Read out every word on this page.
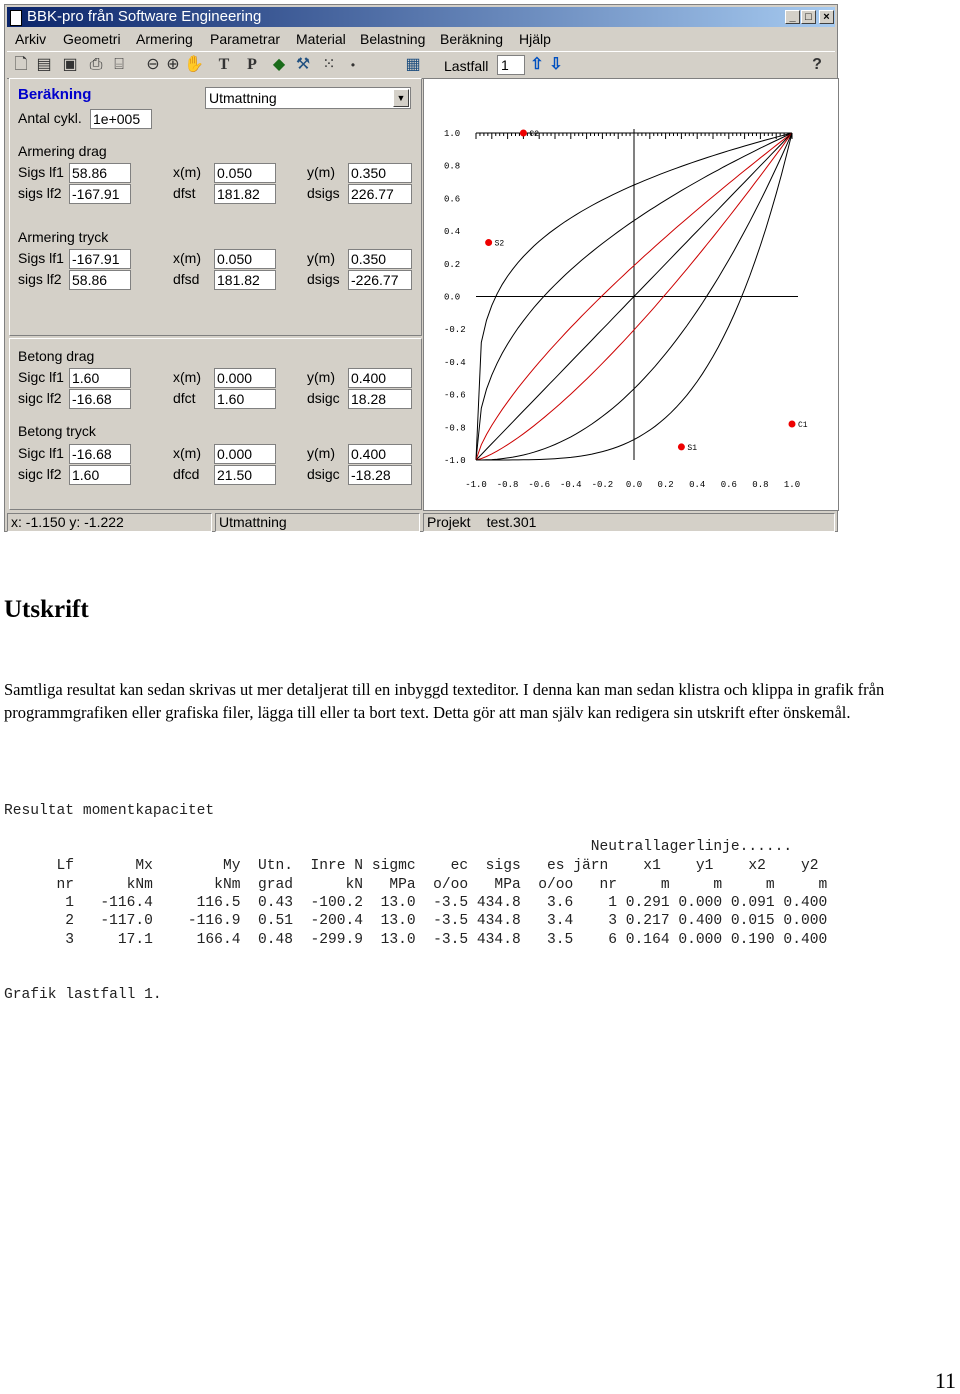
BBK-pro från Software Engineering	_ □	×
Arkiv Geometri Armering Parametrar Material Belastning Beräkning Hjälp
🗋 ▤ ▣ ⎙ ⌸ ⊖ ⊕ ✋ T P ◆ ⚒ ⁙	•	▦ Lastfall 1	⇧ ⇩	?
Beräkning
Antal cykl. 1e+005
Utmattning	▼
Armering drag
Sigs lf1 58.86	x(m) 0.050	y(m) 0.350
sigs lf2 -167.91	dfst 181.82	dsigs 226.77
Armering tryck
Sigs lf1 -167.91	x(m) 0.050	y(m) 0.350
sigs lf2 58.86	dfsd 181.82	dsigs -226.77
Betong drag
Sigc lf1 1.60	x(m) 0.000	y(m) 0.400
sigc lf2 -16.68	dfct 1.60	dsigc 18.28
Betong tryck
Sigc lf1 -16.68	x(m) 0.000	y(m) 0.400
sigc lf2 1.60	dfcd 21.50	dsigc -18.28
1.0
0.8
0.6
0.4
0.2
0.0
-0.2
-0.4
-0.6
-0.8
-1.0
-1.0 -0.8 -0.6 -0.4 -0.2 0.0 0.2 0.4 0.6 0.8 1.0
C2
S2
C1
S1
x: -1.150 y: -1.222	Utmattning	Projekt test.301
Utskrift

Samtliga resultat kan sedan skrivas ut mer detaljerat till en inbyggd texteditor. I denna kan man sedan klistra och klippa in grafik från programmgrafiken eller grafiska filer, lägga till eller ta bort text. Detta gör att man själv kan redigera sin utskrift efter önskemål.

Resultat momentkapacitet
Neutrallagerlinje......
Lf       Mx        My  Utn.  Inre N sigmc    ec  sigs   es järn    x1    y1    x2    y2
nr      kNm       kNm  grad      kN   MPa  o/oo   MPa  o/oo   nr     m     m     m     m
1   -116.4     116.5  0.43  -100.2  13.0  -3.5 434.8   3.6    1 0.291 0.000 0.091 0.400
2   -117.0    -116.9  0.51  -200.4  13.0  -3.5 434.8   3.4    3 0.217 0.400 0.015 0.000
3     17.1     166.4  0.48  -299.9  13.0  -3.5 434.8   3.5    6 0.164 0.000 0.190 0.400
Grafik lastfall 1.
11
